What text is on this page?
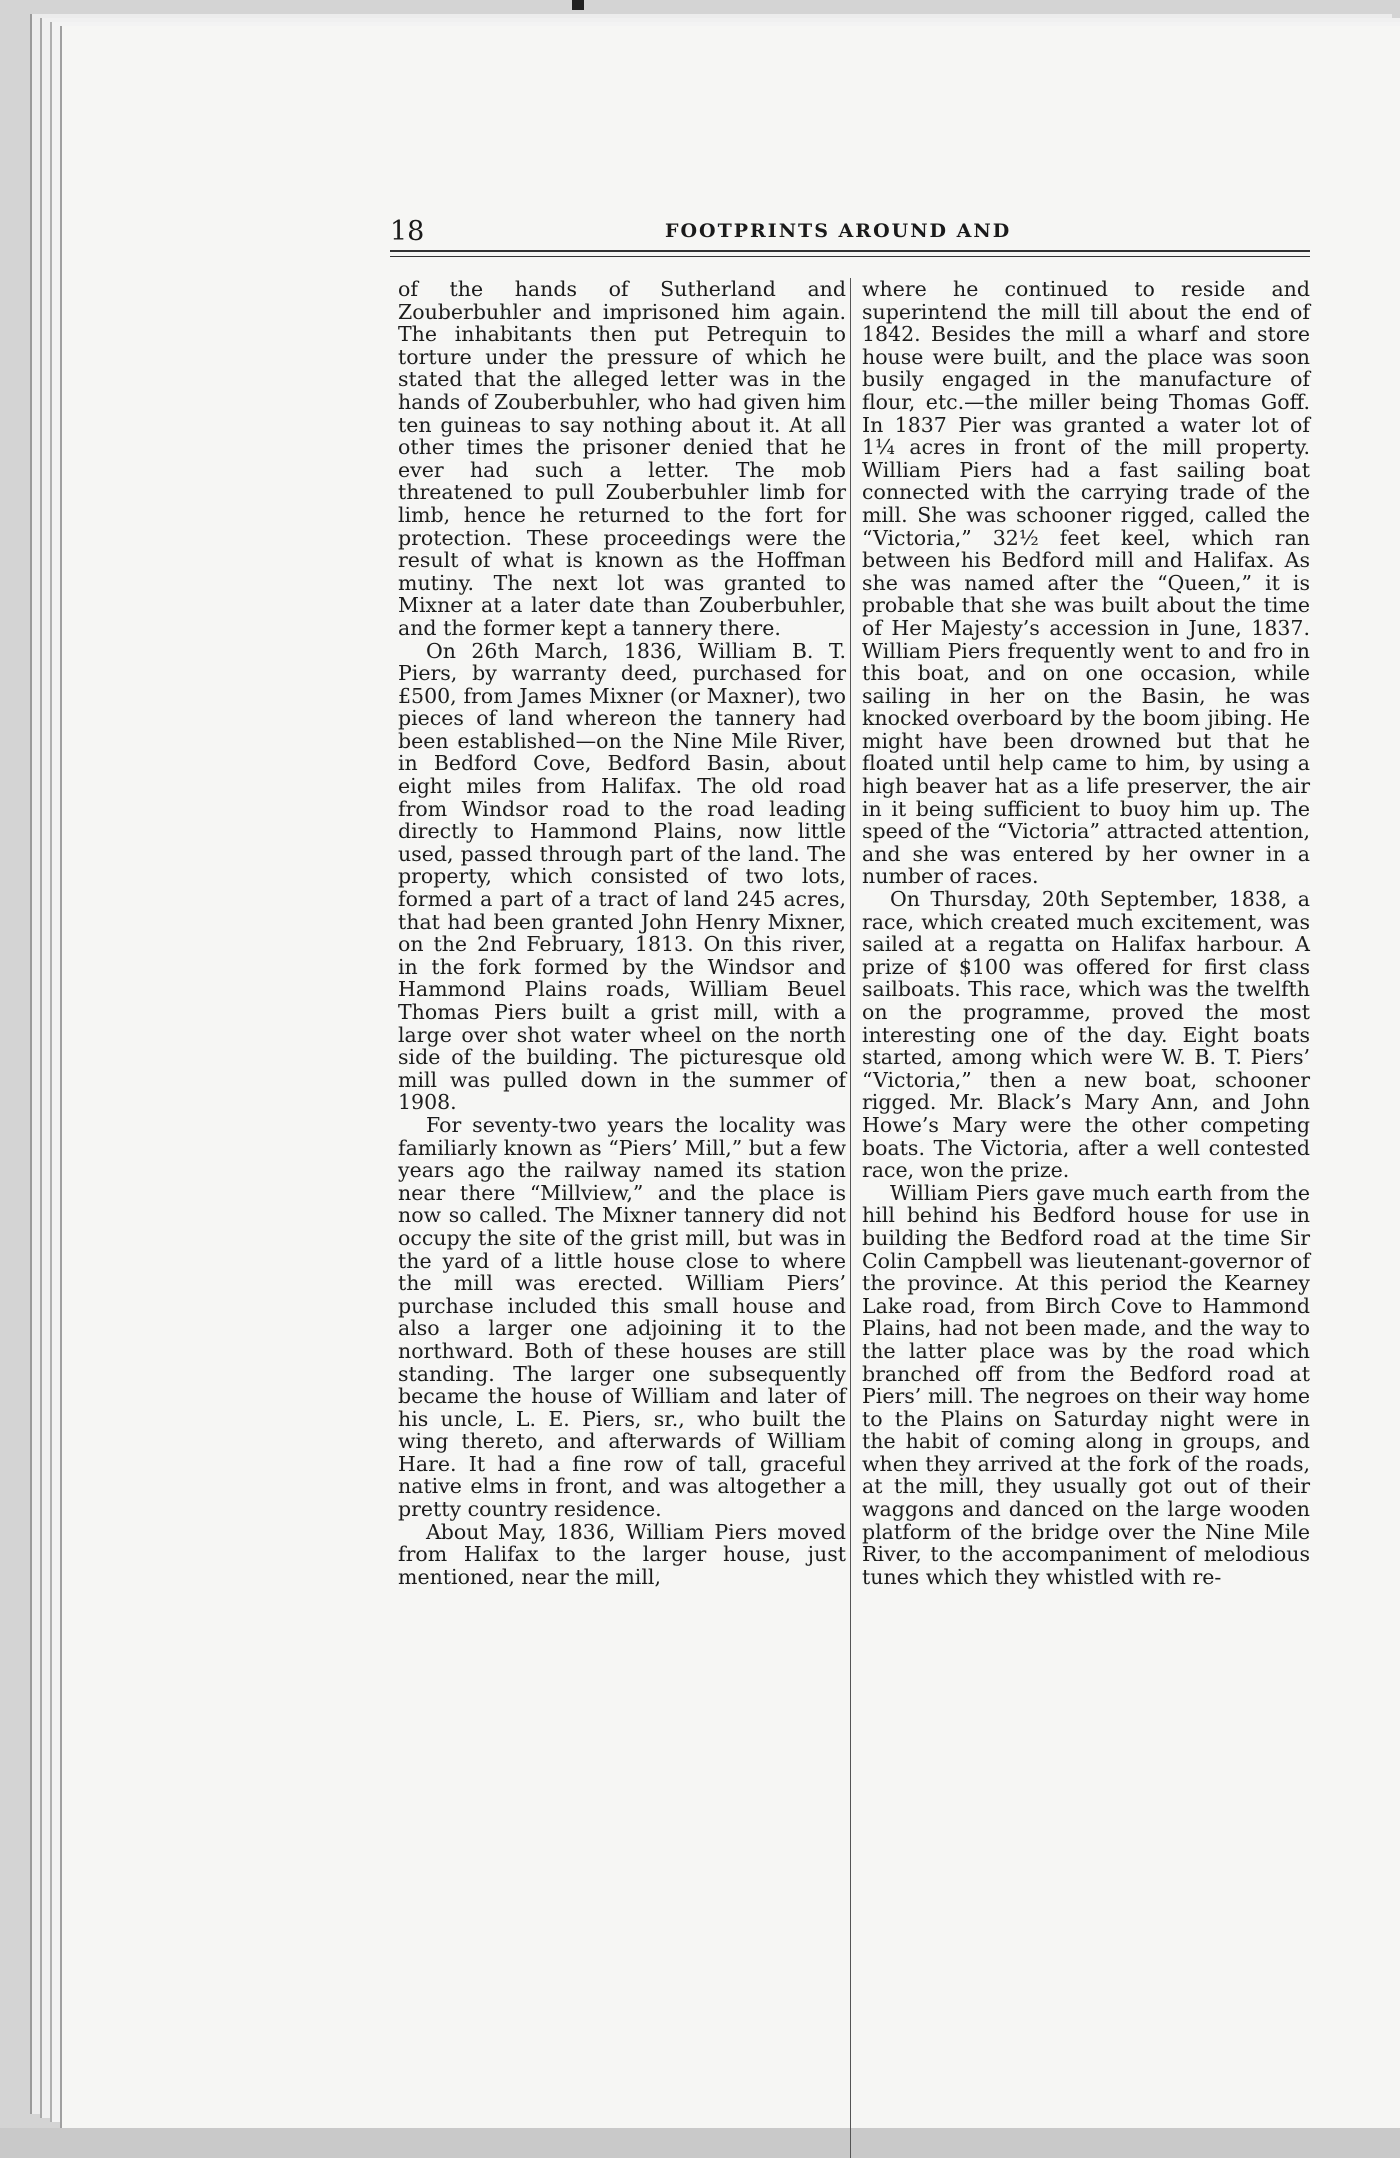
18	FOOTPRINTS AROUND AND

of the hands of Sutherland and Zouberbuhler and imprisoned him again. The inhabitants then put Petrequin to torture under the pressure of which he stated that the alleged letter was in the hands of Zouberbuhler, who had given him ten guineas to say nothing about it. At all other times the prisoner denied that he ever had such a letter. The mob threatened to pull Zouberbuhler limb for limb, hence he returned to the fort for protection. These proceedings were the result of what is known as the Hoffman mutiny. The next lot was granted to Mixner at a later date than Zouberbuhler, and the former kept a tannery there.

On 26th March, 1836, William B. T. Piers, by warranty deed, purchased for £500, from James Mixner (or Maxner), two pieces of land whereon the tannery had been established—on the Nine Mile River, in Bedford Cove, Bedford Basin, about eight miles from Halifax. The old road from Windsor road to the road leading directly to Hammond Plains, now little used, passed through part of the land. The property, which consisted of two lots, formed a part of a tract of land 245 acres, that had been granted John Henry Mixner, on the 2nd February, 1813. On this river, in the fork formed by the Windsor and Hammond Plains roads, William Beuel Thomas Piers built a grist mill, with a large over shot water wheel on the north side of the building. The picturesque old mill was pulled down in the summer of 1908.

For seventy-two years the locality was familiarly known as “Piers’ Mill,” but a few years ago the railway named its station near there “Millview,” and the place is now so called. The Mixner tannery did not occupy the site of the grist mill, but was in the yard of a little house close to where the mill was erected. William Piers’ purchase included this small house and also a larger one adjoining it to the northward. Both of these houses are still standing. The larger one subsequently became the house of William and later of his uncle, L. E. Piers, sr., who built the wing thereto, and afterwards of William Hare. It had a fine row of tall, graceful native elms in front, and was altogether a pretty country residence.

About May, 1836, William Piers moved from Halifax to the larger house, just mentioned, near the mill,

where he continued to reside and superintend the mill till about the end of 1842. Besides the mill a wharf and store house were built, and the place was soon busily engaged in the manufacture of flour, etc.—the miller being Thomas Goff. In 1837 Pier was granted a water lot of 1¼ acres in front of the mill property. William Piers had a fast sailing boat connected with the carrying trade of the mill. She was schooner rigged, called the “Victoria,” 32½ feet keel, which ran between his Bedford mill and Halifax. As she was named after the “Queen,” it is probable that she was built about the time of Her Majesty’s accession in June, 1837. William Piers frequently went to and fro in this boat, and on one occasion, while sailing in her on the Basin, he was knocked overboard by the boom jibing. He might have been drowned but that he floated until help came to him, by using a high beaver hat as a life preserver, the air in it being sufficient to buoy him up. The speed of the “Victoria” attracted attention, and she was entered by her owner in a number of races.

On Thursday, 20th September, 1838, a race, which created much excitement, was sailed at a regatta on Halifax harbour. A prize of $100 was offered for first class sailboats. This race, which was the twelfth on the programme, proved the most interesting one of the day. Eight boats started, among which were W. B. T. Piers’ “Victoria,” then a new boat, schooner rigged. Mr. Black’s Mary Ann, and John Howe’s Mary were the other competing boats. The Victoria, after a well contested race, won the prize.

William Piers gave much earth from the hill behind his Bedford house for use in building the Bedford road at the time Sir Colin Campbell was lieutenant-governor of the province. At this period the Kearney Lake road, from Birch Cove to Hammond Plains, had not been made, and the way to the latter place was by the road which branched off from the Bedford road at Piers’ mill. The negroes on their way home to the Plains on Saturday night were in the habit of coming along in groups, and when they arrived at the fork of the roads, at the mill, they usually got out of their waggons and danced on the large wooden platform of the bridge over the Nine Mile River, to the accompaniment of melodious tunes which they whistled with re-
